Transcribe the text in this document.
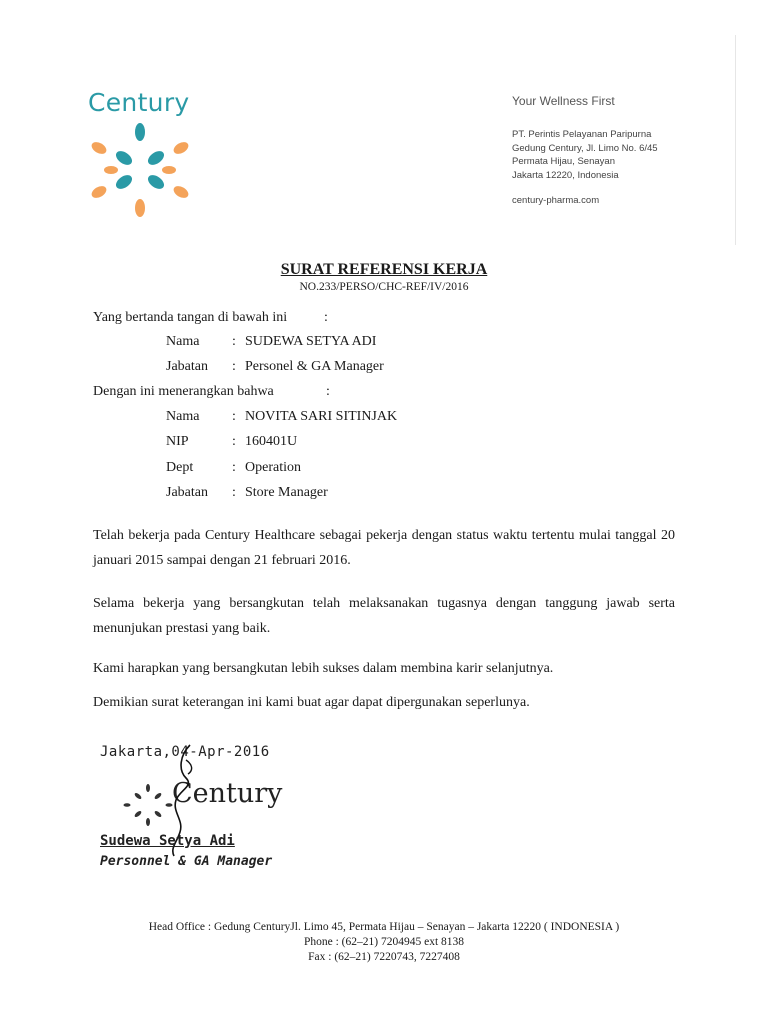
Century	Your Wellness First
PT. Perintis Pelayanan Paripurna
Gedung Century, Jl. Limo No. 6/45
Permata Hijau, Senayan
Jakarta 12220, Indonesia
century-pharma.com
SURAT REFERENSI KERJA
NO.233/PERSO/CHC-REF/IV/2016
Yang bertanda tangan di bawah ini	:
Nama : SUDEWA SETYA ADI
Jabatan : Personel & GA Manager
Dengan ini menerangkan bahwa	:
Nama : NOVITA SARI SITINJAK
NIP	: 160401U
Dept	: Operation
Jabatan : Store Manager
Telah bekerja pada Century Healthcare sebagai pekerja dengan status waktu tertentu mulai tanggal 20 januari 2015 sampai dengan 21 februari 2016.
Selama bekerja yang bersangkutan telah melaksanakan tugasnya dengan tanggung jawab serta menunjukan prestasi yang baik.
Kami harapkan yang bersangkutan lebih sukses dalam membina karir selanjutnya.
Demikian surat keterangan ini kami buat agar dapat dipergunakan seperlunya.
Jakarta,04-Apr-2016
Century
Sudewa Setya Adi
Personnel & GA Manager
Head Office : Gedung CenturyJl. Limo 45, Permata Hijau – Senayan – Jakarta 12220 ( INDONESIA )
Phone : (62–21) 7204945 ext 8138
Fax : (62–21) 7220743, 7227408
